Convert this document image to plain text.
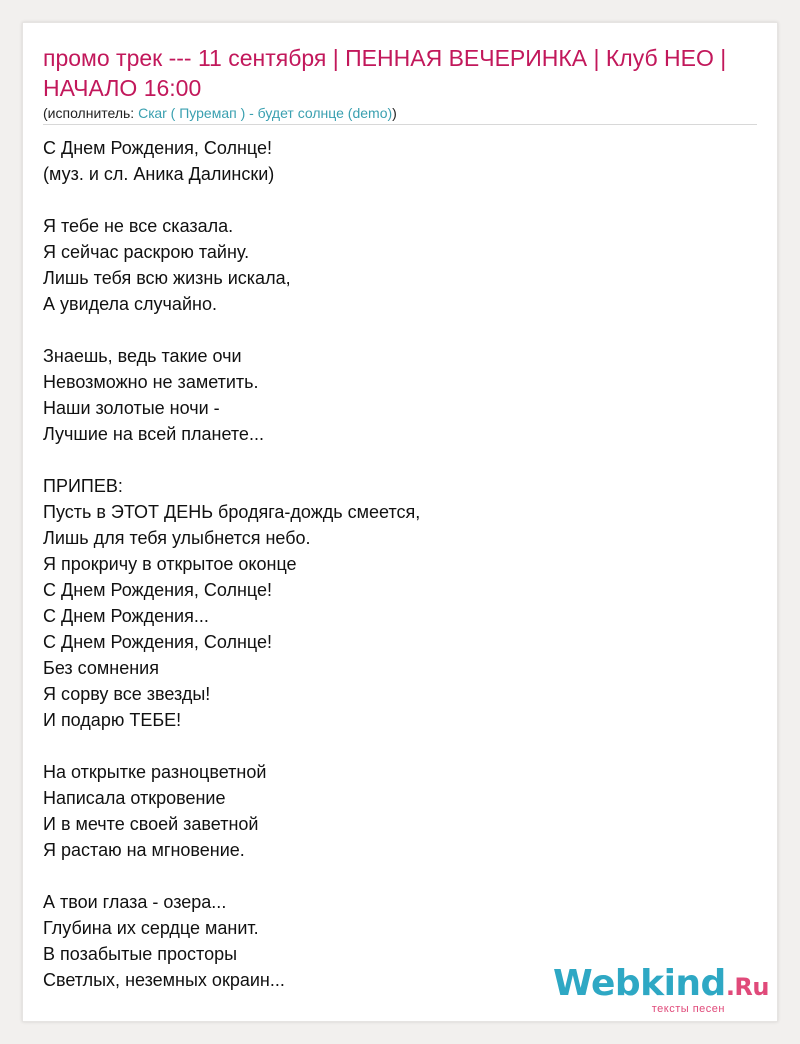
промо трек --- 11 сентября | ПЕННАЯ ВЕЧЕРИНКА | Клуб НЕО | НАЧАЛО 16:00
(исполнитель: Cкar ( Пуремап ) - будет солнце (demo))
С Днем Рождения, Солнце!
(муз. и сл. Аника Далински)
Я тебе не все сказала.
Я сейчас раскрою тайну.
Лишь тебя всю жизнь искала,
А увидела случайно.
Знаешь, ведь такие очи
Невозможно не заметить.
Наши золотые ночи -
Лучшие на всей планете...
ПРИПЕВ:
Пусть в ЭТОТ ДЕНЬ бродяга-дождь смеется,
Лишь для тебя улыбнется небо.
Я прокричу в открытое оконце
С Днем Рождения, Солнце!
С Днем Рождения...
С Днем Рождения, Солнце!
Без сомнения
Я сорву все звезды!
И подарю ТЕБЕ!
На открытке разноцветной
Написала откровение
И в мечте своей заветной
Я растаю на мгновение.
А твои глаза - озера...
Глубина их сердце манит.
В позабытые просторы
Светлых, неземных окраин...	Webkind.Ru
тексты песен
